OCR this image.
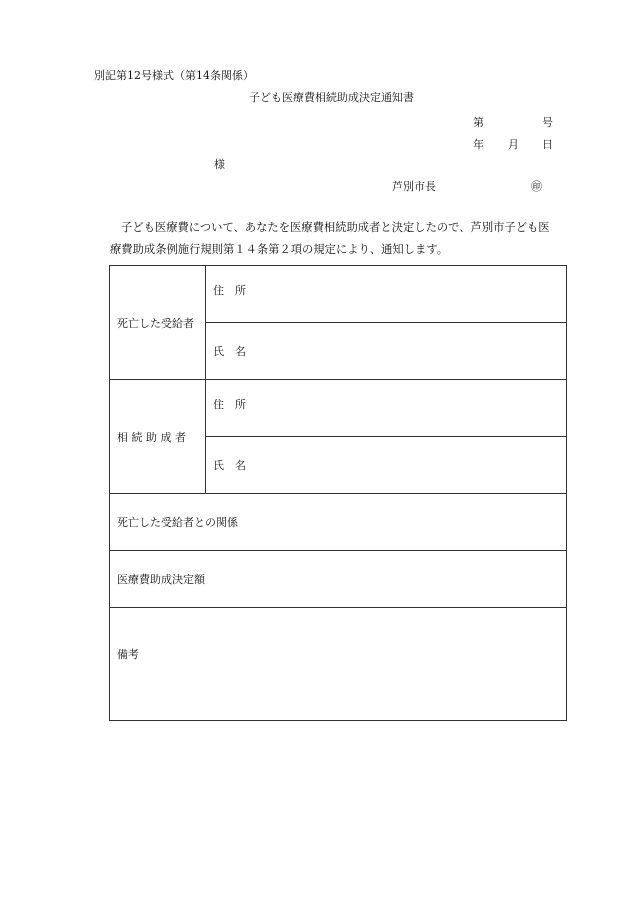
別記第12号様式（第14条関係）
子ども医療費相続助成決定通知書
第	号
年 月 日
様
芦別市長	㊞
子ども医療費について、あなたを医療費相続助成者と決定したので、芦別市子ども医
療費助成条例施行規則第１４条第２項の規定により、通知します。
死亡した受給者	住　所
	氏　名
相 続 助 成 者	住　所
	氏　名
死亡した受給者との関係	
医療費助成決定額	
備考	
